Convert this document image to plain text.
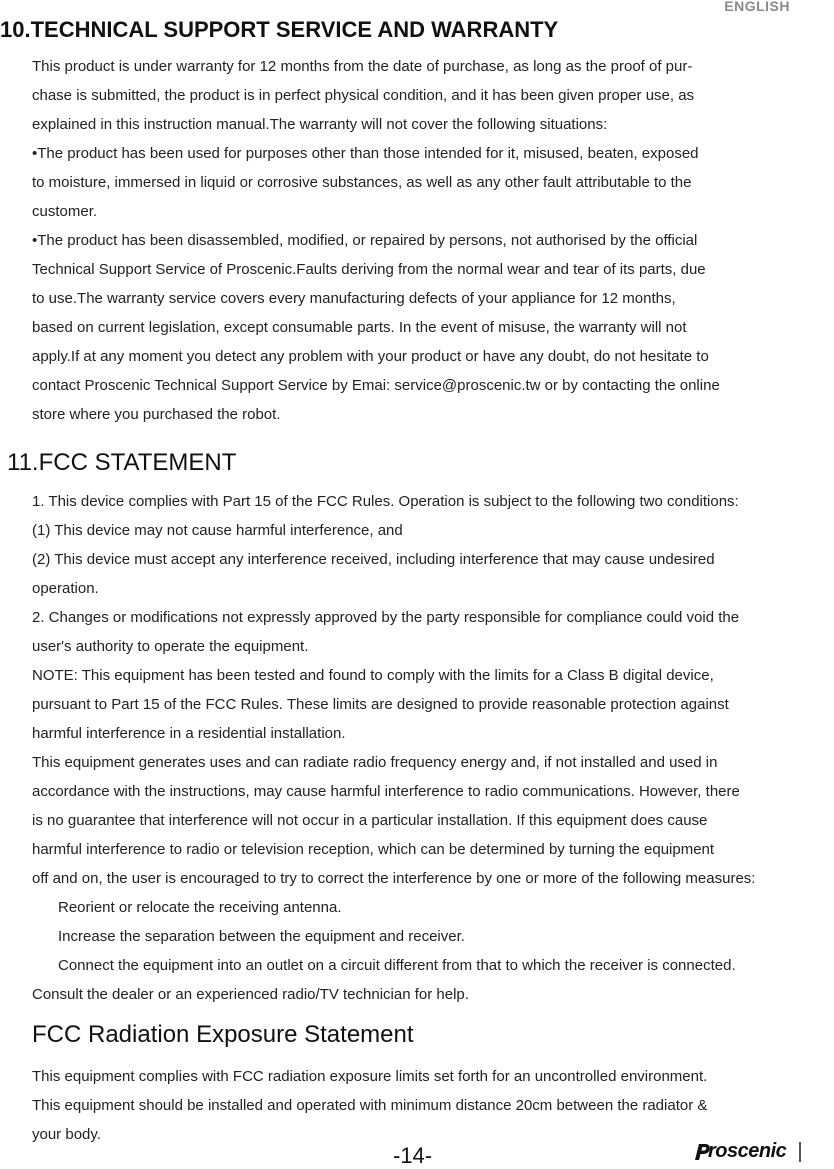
ENGLISH
10.TECHNICAL SUPPORT SERVICE AND WARRANTY
This product is under warranty for 12 months from the date of purchase, as long as the proof of pur-
chase is submitted, the product is in perfect physical condition, and it has been given proper use, as
explained in this instruction manual.The warranty will not cover the following situations:
•The product has been used for purposes other than those intended for it, misused, beaten, exposed
to moisture, immersed in liquid or corrosive substances, as well as any other fault attributable to the
customer.
•The product has been disassembled, modified, or repaired by persons, not authorised by the official
Technical Support Service of Proscenic.Faults deriving from the normal wear and tear of its parts, due
to use.The warranty service covers every manufacturing defects of your appliance for 12 months,
based on current legislation, except consumable parts. In the event of misuse, the warranty will not
apply.If at any moment you detect any problem with your product or have any doubt, do not hesitate to
contact Proscenic Technical Support Service by Emai: service@proscenic.tw or by contacting the online
store where you purchased the robot.
11.FCC STATEMENT
1. This device complies with Part 15 of the FCC Rules. Operation is subject to the following two conditions:
(1) This device may not cause harmful interference, and
(2) This device must accept any interference received, including interference that may cause undesired
operation.
2. Changes or modifications not expressly approved by the party responsible for compliance could void the
user's authority to operate the equipment.
NOTE: This equipment has been tested and found to comply with the limits for a Class B digital device,
pursuant to Part 15 of the FCC Rules. These limits are designed to provide reasonable protection against
harmful interference in a residential installation.
This equipment generates uses and can radiate radio frequency energy and, if not installed and used in
accordance with the instructions, may cause harmful interference to radio communications. However, there
is no guarantee that interference will not occur in a particular installation. If this equipment does cause
harmful interference to radio or television reception, which can be determined by turning the equipment
off and on, the user is encouraged to try to correct the interference by one or more of the following measures:
Reorient or relocate the receiving antenna.
Increase the separation between the equipment and receiver.
Connect the equipment into an outlet on a circuit different from that to which the receiver is connected.
Consult the dealer or an experienced radio/TV technician for help.
FCC Radiation Exposure Statement
This equipment complies with FCC radiation exposure limits set forth for an uncontrolled environment.
This equipment should be installed and operated with minimum distance 20cm between the radiator &
your body.
-14-	roscenic
